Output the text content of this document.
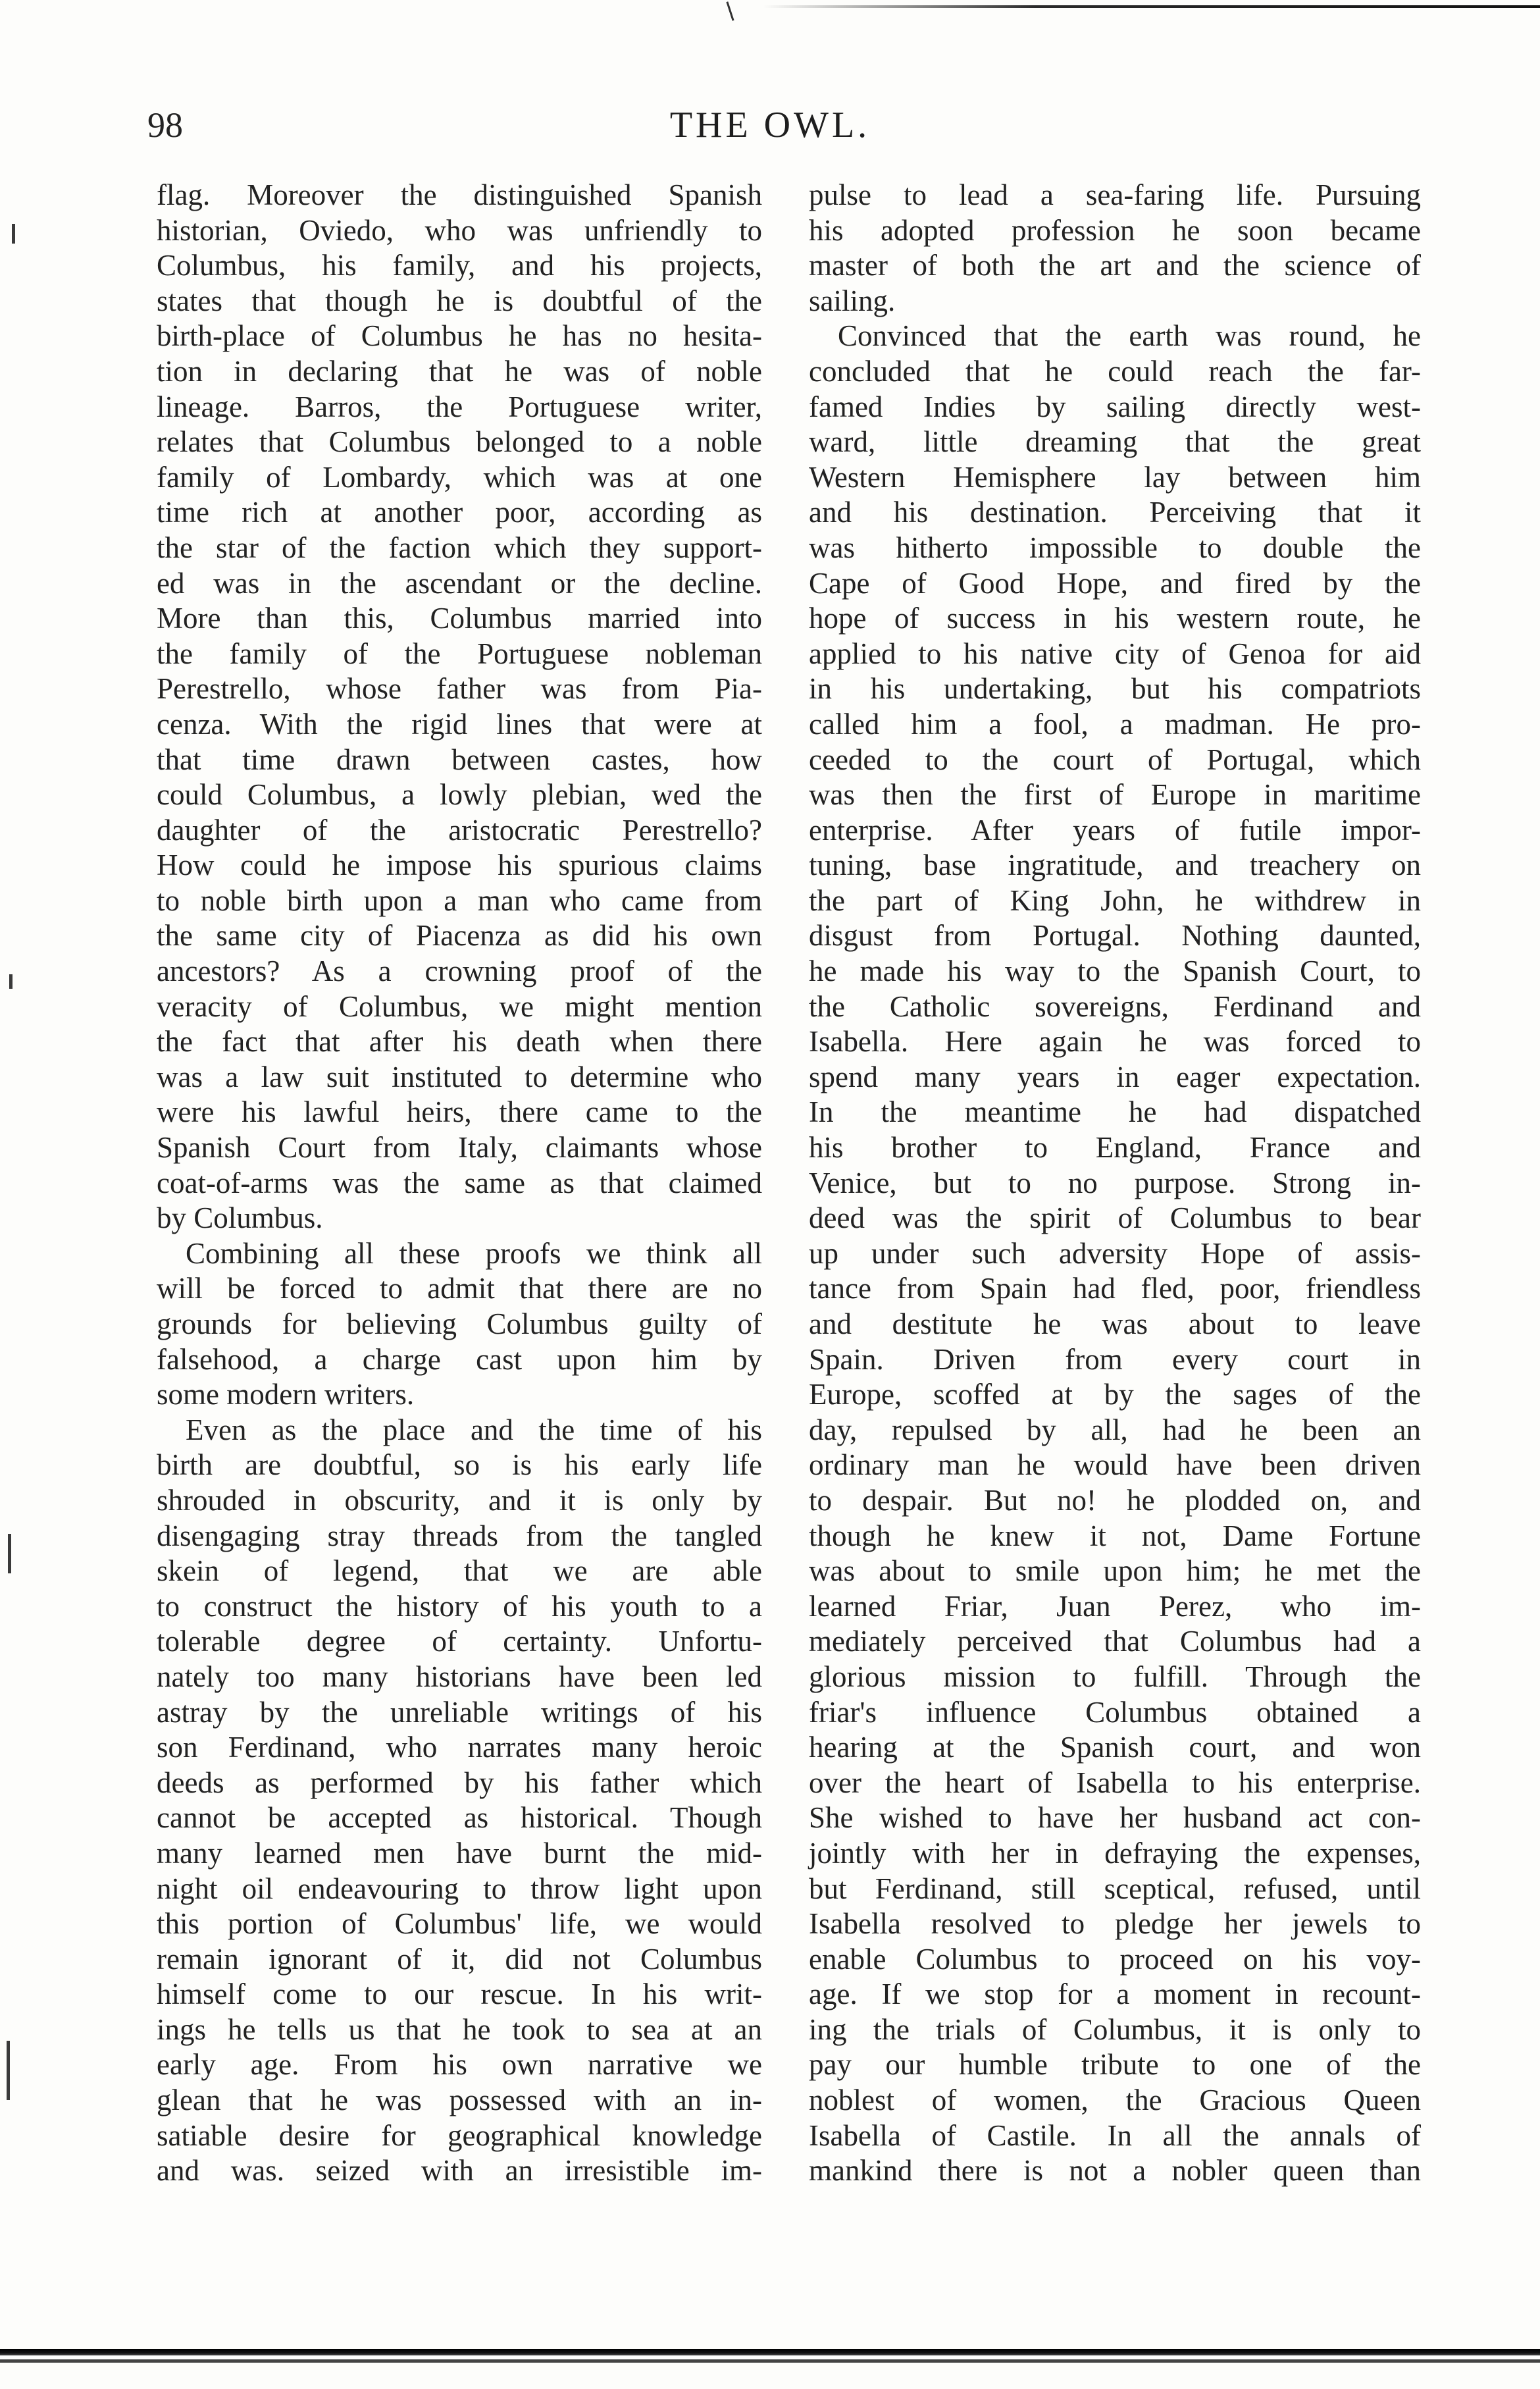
98	THE OWL.
flag. Moreover the distinguished Spanish
historian, Oviedo, who was unfriendly to
Columbus, his family, and his projects,
states that though he is doubtful of the
birth-place of Columbus he has no hesita-
tion in declaring that he was of noble
lineage. Barros, the Portuguese writer,
relates that Columbus belonged to a noble
family of Lombardy, which was at one
time rich at another poor, according as
the star of the faction which they support-
ed was in the ascendant or the decline.
More than this, Columbus married into
the family of the Portuguese nobleman
Perestrello, whose father was from Pia-
cenza. With the rigid lines that were at
that time drawn between castes, how
could Columbus, a lowly plebian, wed the
daughter of the aristocratic Perestrello?
How could he impose his spurious claims
to noble birth upon a man who came from
the same city of Piacenza as did his own
ancestors? As a crowning proof of the
veracity of Columbus, we might mention
the fact that after his death when there
was a law suit instituted to determine who
were his lawful heirs, there came to the
Spanish Court from Italy, claimants whose
coat-of-arms was the same as that claimed
by Columbus.
Combining all these proofs we think all
will be forced to admit that there are no
grounds for believing Columbus guilty of
falsehood, a charge cast upon him by
some modern writers.
Even as the place and the time of his
birth are doubtful, so is his early life
shrouded in obscurity, and it is only by
disengaging stray threads from the tangled
skein of legend, that we are able
to construct the history of his youth to a
tolerable degree of certainty. Unfortu-
nately too many historians have been led
astray by the unreliable writings of his
son Ferdinand, who narrates many heroic
deeds as performed by his father which
cannot be accepted as historical. Though
many learned men have burnt the mid-
night oil endeavouring to throw light upon
this portion of Columbus' life, we would
remain ignorant of it, did not Columbus
himself come to our rescue. In his writ-
ings he tells us that he took to sea at an
early age. From his own narrative we
glean that he was possessed with an in-
satiable desire for geographical knowledge
and was. seized with an irresistible im-
pulse to lead a sea-faring life. Pursuing
his adopted profession he soon became
master of both the art and the science of
sailing.
Convinced that the earth was round, he
concluded that he could reach the far-
famed Indies by sailing directly west-
ward, little dreaming that the great
Western Hemisphere lay between him
and his destination. Perceiving that it
was hitherto impossible to double the
Cape of Good Hope, and fired by the
hope of success in his western route, he
applied to his native city of Genoa for aid
in his undertaking, but his compatriots
called him a fool, a madman. He pro-
ceeded to the court of Portugal, which
was then the first of Europe in maritime
enterprise. After years of futile impor-
tuning, base ingratitude, and treachery on
the part of King John, he withdrew in
disgust from Portugal. Nothing daunted,
he made his way to the Spanish Court, to
the Catholic sovereigns, Ferdinand and
Isabella. Here again he was forced to
spend many years in eager expectation.
In the meantime he had dispatched
his brother to England, France and
Venice, but to no purpose. Strong in-
deed was the spirit of Columbus to bear
up under such adversity Hope of assis-
tance from Spain had fled, poor, friendless
and destitute he was about to leave
Spain. Driven from every court in
Europe, scoffed at by the sages of the
day, repulsed by all, had he been an
ordinary man he would have been driven
to despair. But no! he plodded on, and
though he knew it not, Dame Fortune
was about to smile upon him; he met the
learned Friar, Juan Perez, who im-
mediately perceived that Columbus had a
glorious mission to fulfill. Through the
friar's influence Columbus obtained a
hearing at the Spanish court, and won
over the heart of Isabella to his enterprise.
She wished to have her husband act con-
jointly with her in defraying the expenses,
but Ferdinand, still sceptical, refused, until
Isabella resolved to pledge her jewels to
enable Columbus to proceed on his voy-
age. If we stop for a moment in recount-
ing the trials of Columbus, it is only to
pay our humble tribute to one of the
noblest of women, the Gracious Queen
Isabella of Castile. In all the annals of
mankind there is not a nobler queen than
